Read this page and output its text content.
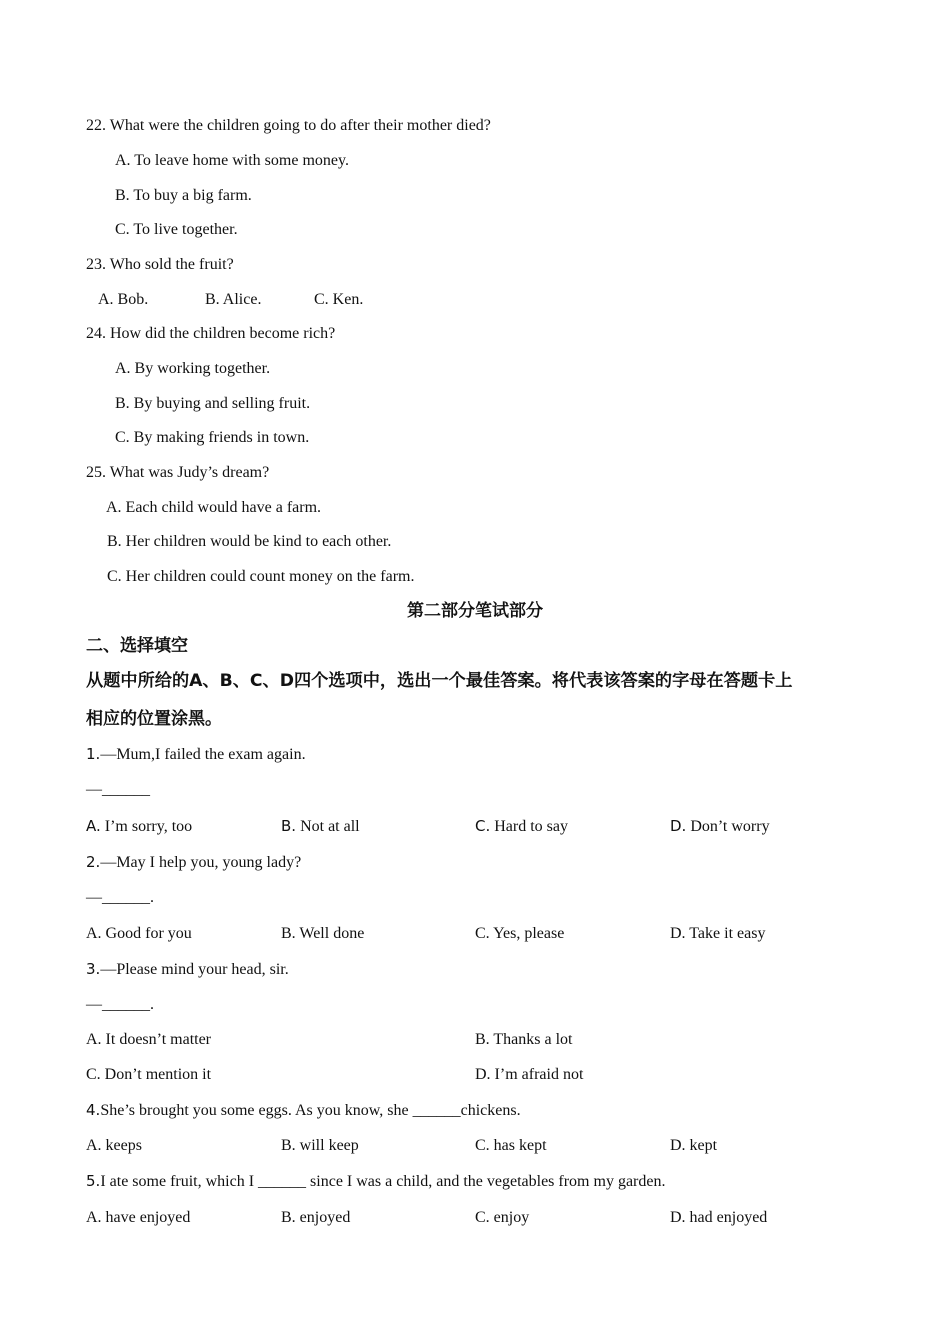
22. What were the children going to do after their mother died?
A. To leave home with some money.
B. To buy a big farm.
C. To live together.
23. Who sold the fruit?
A. Bob.	B. Alice.	C. Ken.
24. How did the children become rich?
A. By working together.
B. By buying and selling fruit.
C. By making friends in town.
25. What was Judy’s dream?
A. Each child would have a farm.
B. Her children would be kind to each other.
C. Her children could count money on the farm.
第二部分笔试部分
二、选择填空
从题中所给的A、B、C、D四个选项中，选出一个最佳答案。将代表该答案的字母在答题卡上
相应的位置涂黑。
1.—Mum,I failed the exam again.
—______
A. I’m sorry, too	B. Not at all	C. Hard to say	D. Don’t worry
2.—May I help you, young lady?
—______.
A. Good for you	B. Well done	C. Yes, please	D. Take it easy
3.—Please mind your head, sir.
—______.
A. It doesn’t matter	B. Thanks a lot
C. Don’t mention it	D. I’m afraid not
4.She’s brought you some eggs. As you know, she ______chickens.
A. keeps	B. will keep	C. has kept	D. kept
5.I ate some fruit, which I ______ since I was a child, and the vegetables from my garden.
A. have enjoyed	B. enjoyed	C. enjoy	D. had enjoyed
